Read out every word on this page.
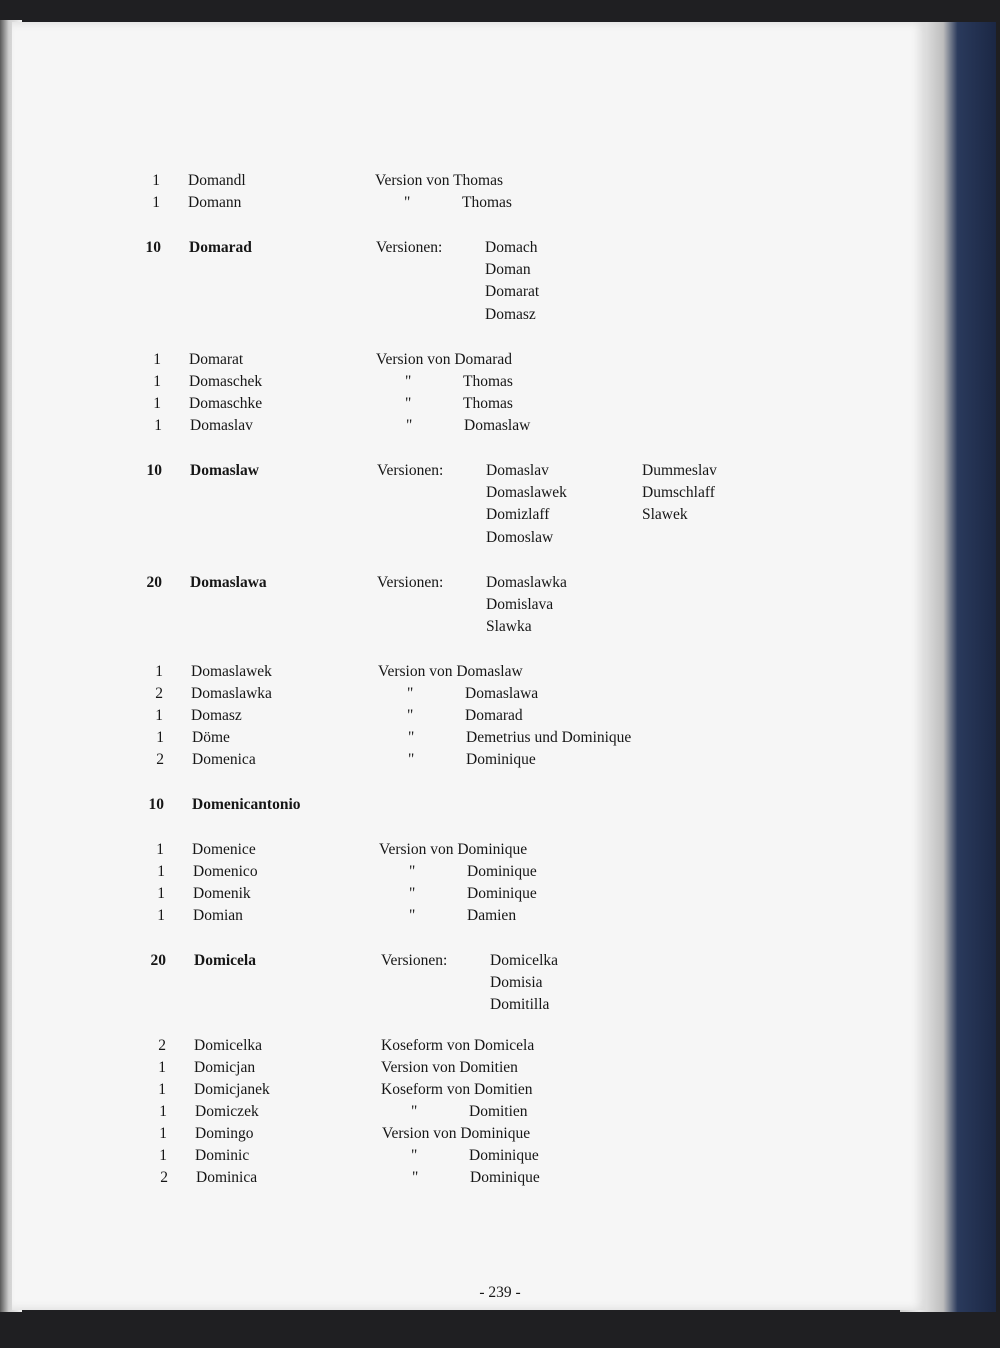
1 Domandl	Version von Thomas
1 Domann	"	Thomas
10 Domarad	Versionen:	Domach
Doman
Domarat
Domasz
1 Domarat	Version von Domarad
1 Domaschek	"	Thomas
1 Domaschke	"	Thomas
1 Domaslav	"	Domaslaw
10 Domaslaw	Versionen:	Domaslav	Dummeslav
Domaslawek	Dumschlaff
Domizlaff	Slawek
Domoslaw
20 Domaslawa	Versionen:	Domaslawka
Domislava
Slawka
1 Domaslawek	Version von Domaslaw
2 Domaslawka	"	Domaslawa
1 Domasz	"	Domarad
1 Döme	"	Demetrius und Dominique
2 Domenica	"	Dominique
10 Domenicantonio
1 Domenice	Version von Dominique
1 Domenico	"	Dominique
1 Domenik	"	Dominique
1 Domian	"	Damien
20 Domicela	Versionen:	Domicelka
Domisia
Domitilla
2 Domicelka	Koseform von Domicela
1 Domicjan	Version von Domitien
1 Domicjanek	Koseform von Domitien
1 Domiczek	"	Domitien
1 Domingo	Version von Dominique
1 Dominic	"	Dominique
2 Dominica	"	Dominique
- 239 -
